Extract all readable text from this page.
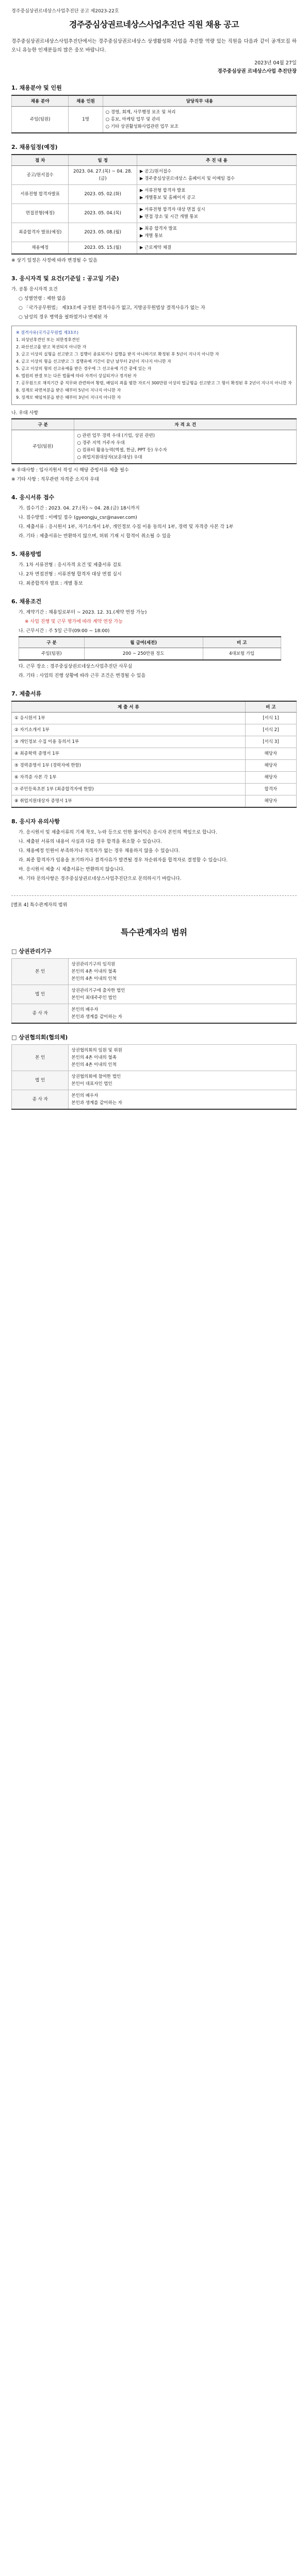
경주중심상권르네상스사업추진단 공고 제2023-22호
경주중심상권르네상스사업추진단 직원 채용 공고

경주중심상권르네상스사업추진단에서는 경주중심상권르네상스 상생활성화 사업을 추진할 역량 있는 직원을 다음과 같이 공개모집 하오니 유능한 인재분들의 많은 응모 바랍니다.

2023년 04월 27일
경주중심상권 르네상스사업 추진단장
1. 채용분야 및 인원
채용 분야	채용 인원	담당직무 내용
주임(팀원)	1명	○ 경영, 회계, 사무행정 보조 및 처리
○ 홍보, 마케팅 업무 및 관리
○ 기타 상권활성화사업관련 업무 보조
2. 채용일정(예정)
절 차	일 정	추 진 내 용
공고/원서접수	2023. 04. 27.(목) ~ 04. 28.(금)	▶ 공고/원서접수
▶ 경주중심상권르네상스 홈페이지 및 이메일 접수

서류전형 합격자발표	2023. 05. 02.(화)	▶ 서류전형 합격자 발표
▶ 개별통보 및 홈페이지 공고

면접전형(예정)	2023. 05. 04.(목)	▶ 서류전형 합격자 대상 면접 실시
▶ 면접 장소 및 시간 개별 통보

최종합격자 발표(예정)	2023. 05. 08.(월)	▶ 최종 합격자 발표
▶ 개별 통보

채용예정	2023. 05. 15.(월)	▶ 근로계약 체결
※ 상기 일정은 사정에 따라 변경될 수 있음
3. 응시자격 및 요건(기준일 : 공고일 기준)
가. 공통 응시자격 요건
○ 성별연령 : 제한 없음
○ 「국가공무원법」 제33조에 규정된 결격사유가 없고, 지방공무원법상 결격사유가 없는 자
○ 남성의 경우 병역을 필하였거나 면제된 자
※ 결격사유(국가공무원법 제33조)
1. 피성년후견인 또는 피한정후견인
2. 파산선고를 받고 복권되지 아니한 자
3. 금고 이상의 실형을 선고받고 그 집행이 종료되거나 집행을 받지 아니하기로 확정된 후 5년이 지나지 아니한 자
4. 금고 이상의 형을 선고받고 그 집행유예 기간이 끝난 날부터 2년이 지나지 아니한 자
5. 금고 이상의 형의 선고유예를 받은 경우에 그 선고유예 기간 중에 있는 자
6. 법원의 판결 또는 다른 법률에 따라 자격이 상실되거나 정지된 자
7. 공무원으로 재직기간 중 직무와 관련하여 횡령, 배임의 죄를 범한 자로서 300만원 이상의 벌금형을 선고받고 그 형이 확정된 후 2년이 지나지 아니한 자
8. 징계로 파면처분을 받은 때부터 5년이 지나지 아니한 자
9. 징계로 해임처분을 받은 때부터 3년이 지나지 아니한 자
나. 우대 사항
구 분	자 격 요 건
주임(팀원)	○ 관련 업무 경력 우대 (기업, 상권 관련)
○ 경주 지역 거주자 우대
○ 컴퓨터 활용능력(엑셀, 한글, PPT 등) 우수자
○ 취업지원대상자(보훈대상) 우대
※ 우대사항 : 입사지원서 작성 시 해당 증빙서류 제출 필수
※ 기타 사항 : 직무관련 자격증 소지자 우대
4. 응시서류 접수
가. 접수기간 : 2023. 04. 27.(목) ~ 04. 28.(금) 18시까지
나. 접수방법 : 이메일 접수 (gyeongju_csr@naver.com)
다. 제출서류 : 응시원서 1부, 자기소개서 1부, 개인정보 수집 이용 동의서 1부, 경력 및 자격증 사본 각 1부
라. 기타 : 제출서류는 반환하지 않으며, 허위 기재 시 합격이 취소될 수 있음
5. 채용방법
가. 1차 서류전형 : 응시자격 요건 및 제출서류 검토
나. 2차 면접전형 : 서류전형 합격자 대상 면접 실시
다. 최종합격자 발표 : 개별 통보
6. 채용조건
가. 계약기간 : 채용일로부터 ~ 2023. 12. 31.(계약 연장 가능)
※ 사업 진행 및 근무 평가에 따라 계약 연장 가능
나. 근무시간 : 주 5일 근무(09:00 ~ 18:00)
구 분	월 급여(세전)	비 고
주임(팀원)	200 ~ 250만원 정도	4대보험 가입
다. 근무 장소 : 경주중심상권르네상스사업추진단 사무실
라. 기타 : 사업의 진행 상황에 따라 근무 조건은 변경될 수 있음
7. 제출서류
제 출 서 류	비 고
① 응시원서 1부	[서식 1]
② 자기소개서 1부	[서식 2]
③ 개인정보 수집 이용 동의서 1부	[서식 3]
④ 최종학력 증명서 1부	해당자
⑤ 경력증명서 1부 (경력자에 한함)	해당자
⑥ 자격증 사본 각 1부	해당자
⑦ 주민등록초본 1부 (최종합격자에 한함)	합격자
⑧ 취업지원대상자 증명서 1부	해당자
8. 응시자 유의사항
가. 응시원서 및 제출서류의 기재 착오, 누락 등으로 인한 불이익은 응시자 본인의 책임으로 합니다.
나. 제출된 서류의 내용이 사실과 다를 경우 합격을 취소할 수 있습니다.
다. 채용예정 인원이 부족하거나 적격자가 없는 경우 채용하지 않을 수 있습니다.
라. 최종 합격자가 임용을 포기하거나 결격사유가 발견될 경우 차순위자를 합격자로 결정할 수 있습니다.
마. 응시원서 제출 시 제출서류는 반환하지 않습니다.
바. 기타 문의사항은 경주중심상권르네상스사업추진단으로 문의하시기 바랍니다.
[별표 4] 특수관계자의 범위
특수관계자의 범위
□ 상권관리기구
본 인	상권관리기구의 임직원
본인의 4촌 이내의 혈족
본인의 4촌 이내의 인척

법 인	상권관리기구에 출자한 법인
본인이 최대주주인 법인

종 사 자	본인의 배우자
본인과 생계를 같이하는 자
□ 상권협의회(협의체)
본 인	상권협의회의 임원 및 위원
본인의 4촌 이내의 혈족
본인의 4촌 이내의 인척

법 인	상권협의회에 참여한 법인
본인이 대표자인 법인

종 사 자	본인의 배우자
본인과 생계를 같이하는 자
